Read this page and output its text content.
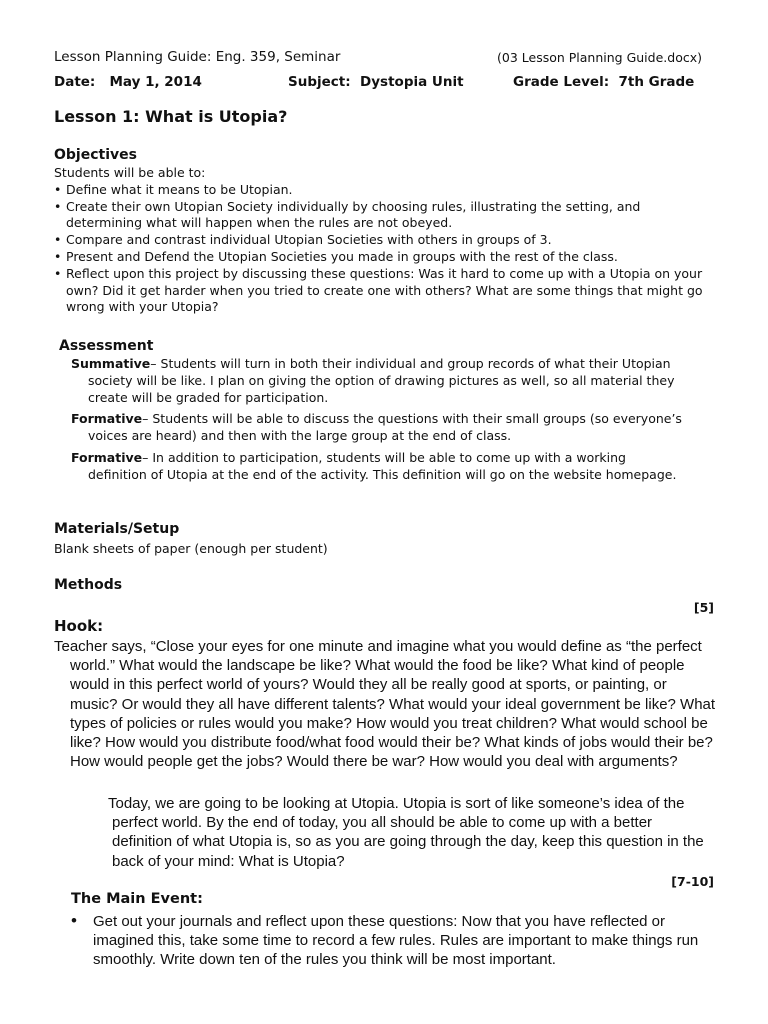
Lesson Planning Guide: Eng. 359, Seminar	(03 Lesson Planning Guide.docx)
Date: May 1, 2014	Subject: Dystopia Unit	Grade Level: 7th Grade
Lesson 1: What is Utopia?
Objectives

Students will be able to:

• Define what it means to be Utopian.
• Create their own Utopian Society individually by choosing rules, illustrating the setting, and determining what will happen when the rules are not obeyed.
• Compare and contrast individual Utopian Societies with others in groups of 3.
• Present and Defend the Utopian Societies you made in groups with the rest of the class.
• Reflect upon this project by discussing these questions: Was it hard to come up with a Utopia on your own? Did it get harder when you tried to create one with others? What are some things that might go wrong with your Utopia?
Assessment

Summative– Students will turn in both their individual and group records of what their Utopian society will be like. I plan on giving the option of drawing pictures as well, so all material they create will be graded for participation.

Formative– Students will be able to discuss the questions with their small groups (so everyone’s voices are heard) and then with the large group at the end of class.

Formative– In addition to participation, students will be able to come up with a working definition of Utopia at the end of the activity. This definition will go on the website homepage.

Materials/Setup
Blank sheets of paper (enough per student)
Methods
[5]
Hook:

Teacher says, “Close your eyes for one minute and imagine what you would define as “the perfect world.” What would the landscape be like? What would the food be like? What kind of people would in this perfect world of yours? Would they all be really good at sports, or painting, or music? Or would they all have different talents? What would your ideal government be like? What types of policies or rules would you make? How would you treat children? What would school be like? How would you distribute food/what food would their be? What kinds of jobs would their be? How would people get the jobs? Would there be war? How would you deal with arguments?

Today, we are going to be looking at Utopia. Utopia is sort of like someone’s idea of the perfect world. By the end of today, you all should be able to come up with a better definition of what Utopia is, so as you are going through the day, keep this question in the back of your mind: What is Utopia?

[7-10]
The Main Event:
• Get out your journals and reflect upon these questions: Now that you have reflected or imagined this, take some time to record a few rules. Rules are important to make things run smoothly. Write down ten of the rules you think will be most important.
